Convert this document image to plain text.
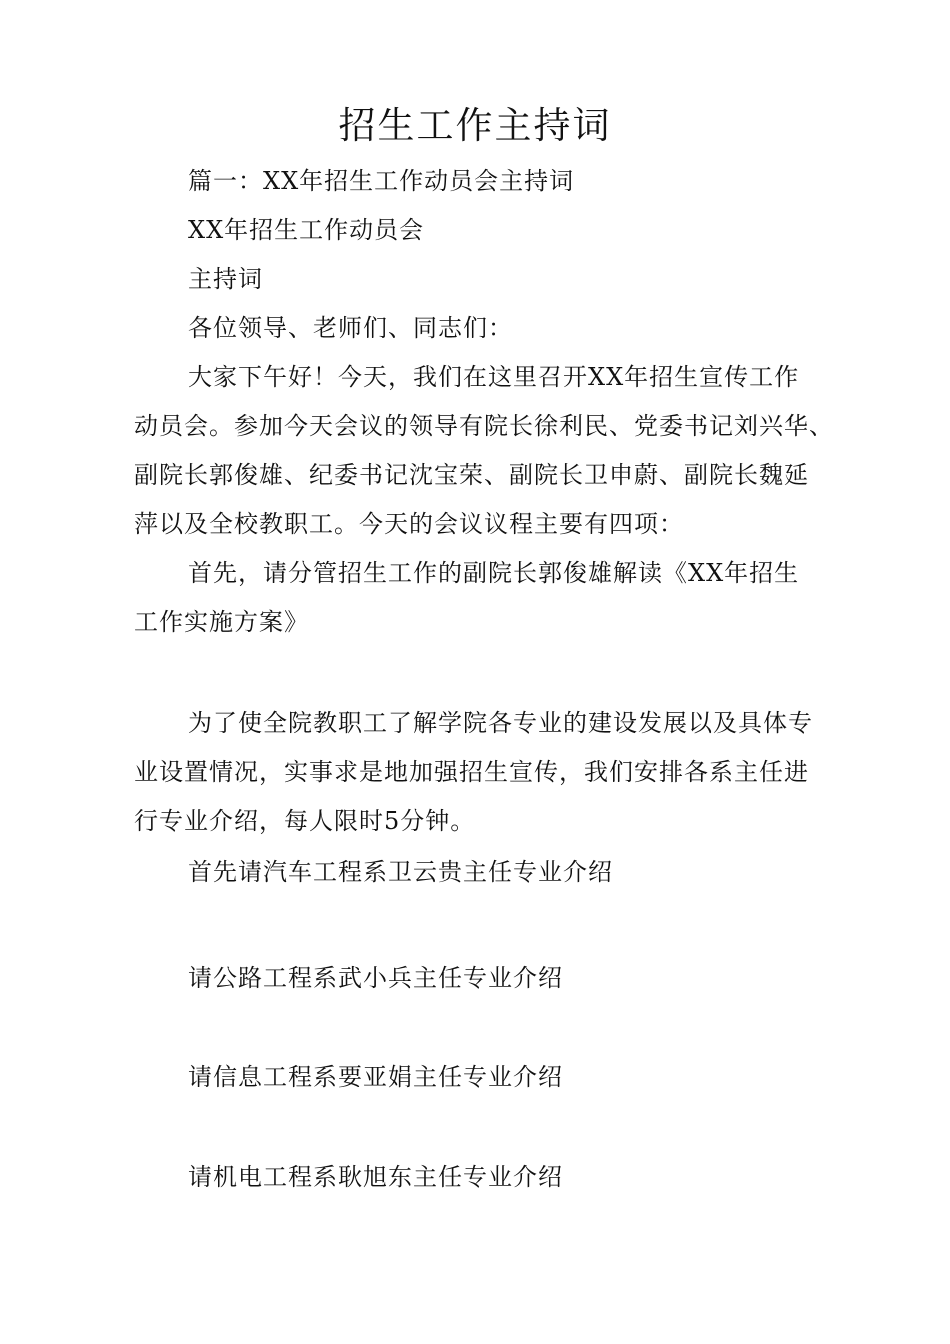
招生工作主持词
篇一：XX年招生工作动员会主持词
XX年招生工作动员会
主持词
各位领导、老师们、同志们：
大家下午好！今天，我们在这里召开XX年招生宣传工作
动员会。参加今天会议的领导有院长徐利民、党委书记刘兴华、
副院长郭俊雄、纪委书记沈宝荣、副院长卫申蔚、副院长魏延
萍以及全校教职工。今天的会议议程主要有四项：
首先，请分管招生工作的副院长郭俊雄解读《XX年招生
工作实施方案》
为了使全院教职工了解学院各专业的建设发展以及具体专
业设置情况，实事求是地加强招生宣传，我们安排各系主任进
行专业介绍，每人限时5分钟。
首先请汽车工程系卫云贵主任专业介绍
请公路工程系武小兵主任专业介绍
请信息工程系要亚娟主任专业介绍
请机电工程系耿旭东主任专业介绍
